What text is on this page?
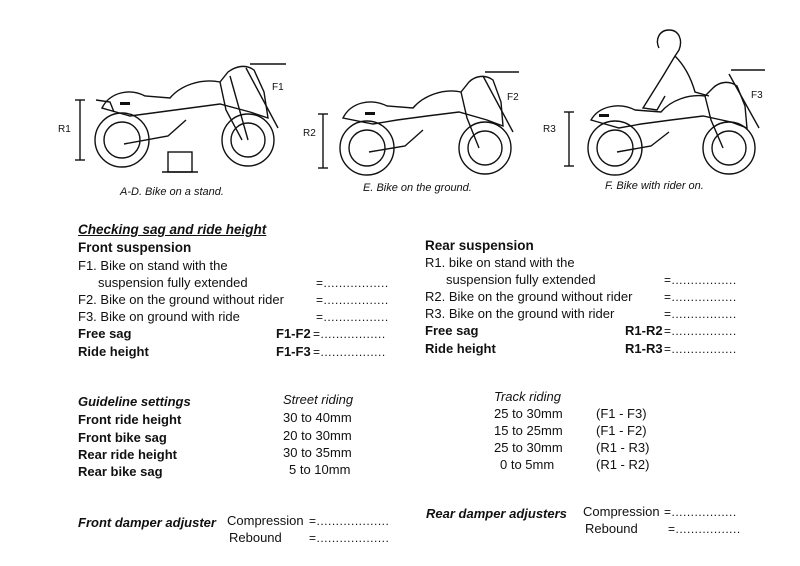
R1
F1
A-D. Bike on a stand.
R2
F2
E. Bike on the ground.
R3
F3
F. Bike with rider on.
Checking sag and ride height
Front suspension
F1. Bike on stand with the
suspension fully extended	=.................
F2. Bike on the ground without rider	=.................
F3. Bike on ground with ride	=.................
Free sag	F1-F2 =.................
Ride height	F1-F3 =.................
Rear suspension
R1. bike on stand with the
suspension fully extended	=.................
R2. Bike on the ground without rider	=.................
R3. Bike on the ground with rider	=.................
Free sag	R1-R2 =.................
Ride height	R1-R3 =.................
Guideline settings	Street riding	Track riding
Front ride height	30 to 40mm	25 to 30mm	(F1 - F3)
Front bike sag	20 to 30mm	15 to 25mm	(F1 - F2)
Rear ride height	30 to 35mm	25 to 30mm	(R1 - R3)
Rear bike sag	5 to 10mm	0 to 5mm	(R1 - R2)
Front damper adjuster Compression =...................
Rebound =...................
Rear damper adjusters Compression =.................
Rebound	=.................
